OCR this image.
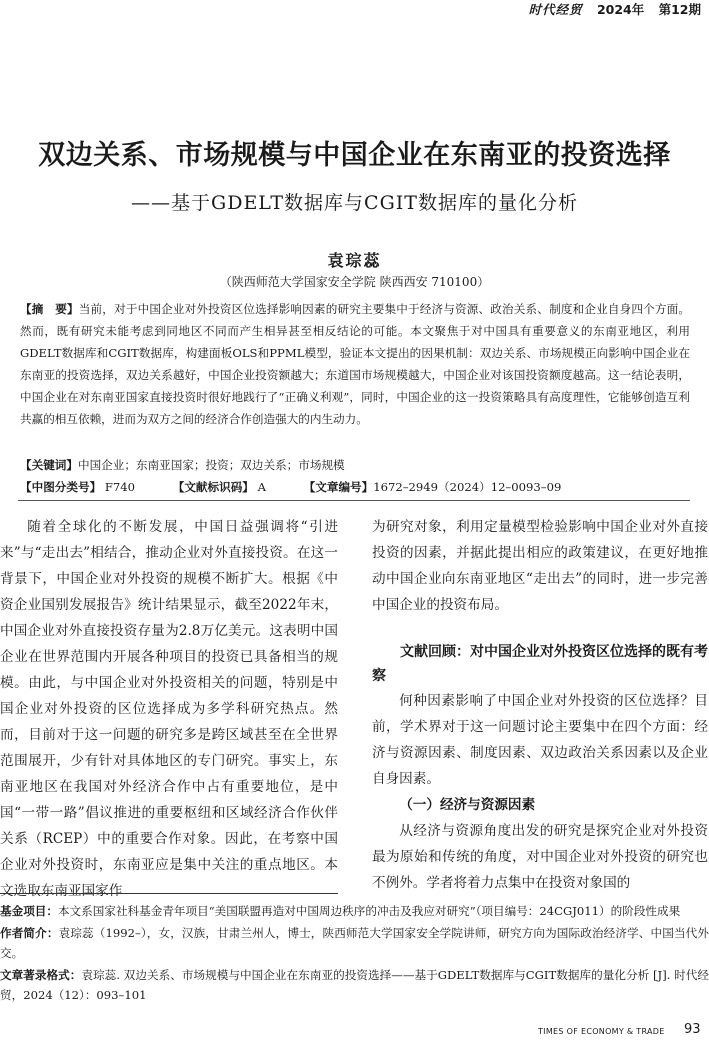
时代经贸 2024年 第12期
双边关系、市场规模与中国企业在东南亚的投资选择
——基于GDELT数据库与CGIT数据库的量化分析
袁琮蕊
（陕西师范大学国家安全学院 陕西西安 710100）
【摘　要】当前，对于中国企业对外投资区位选择影响因素的研究主要集中于经济与资源、政治关系、制度和企业自身四个方面。然而，既有研究未能考虑到同地区不同而产生相异甚至相反结论的可能。本文聚焦于对中国具有重要意义的东南亚地区，利用GDELT数据库和CGIT数据库，构建面板OLS和PPML模型，验证本文提出的因果机制：双边关系、市场规模正向影响中国企业在东南亚的投资选择，双边关系越好，中国企业投资额越大；东道国市场规模越大，中国企业对该国投资额度越高。这一结论表明，中国企业在对东南亚国家直接投资时很好地践行了“正确义利观”，同时，中国企业的这一投资策略具有高度理性，它能够创造互利共赢的相互依赖，进而为双方之间的经济合作创造强大的内生动力。
【关键词】中国企业；东南亚国家；投资；双边关系；市场规模
【中图分类号】 F740	【文献标识码】 A	【文章编号】1672–2949（2024）12–0093–09

随着全球化的不断发展，中国日益强调将“引进来”与“走出去”相结合，推动企业对外直接投资。在这一背景下，中国企业对外投资的规模不断扩大。根据《中资企业国别发展报告》统计结果显示，截至2022年末，中国企业对外直接投资存量为2.8万亿美元。这表明中国企业在世界范围内开展各种项目的投资已具备相当的规模。由此，与中国企业对外投资相关的问题，特别是中国企业对外投资的区位选择成为多学科研究热点。然而，目前对于这一问题的研究多是跨区域甚至在全世界范围展开，少有针对具体地区的专门研究。事实上，东南亚地区在我国对外经济合作中占有重要地位，是中国“一带一路”倡议推进的重要枢纽和区域经济合作伙伴关系（RCEP）中的重要合作对象。因此，在考察中国企业对外投资时，东南亚应是集中关注的重点地区。本文选取东南亚国家作

为研究对象，利用定量模型检验影响中国企业对外直接投资的因素，并据此提出相应的政策建议，在更好地推动中国企业向东南亚地区“走出去”的同时，进一步完善中国企业的投资布局。

文献回顾：对中国企业对外投资区位选择的既有考察

何种因素影响了中国企业对外投资的区位选择？目前，学术界对于这一问题讨论主要集中在四个方面：经济与资源因素、制度因素、双边政治关系因素以及企业自身因素。

（一）经济与资源因素

从经济与资源角度出发的研究是探究企业对外投资最为原始和传统的角度，对中国企业对外投资的研究也不例外。学者将着力点集中在投资对象国的

基金项目：本文系国家社科基金青年项目“美国联盟再造对中国周边秩序的冲击及我应对研究”（项目编号：24CGJ011）的阶段性成果

作者简介：袁琮蕊（1992–），女，汉族，甘肃兰州人，博士，陕西师范大学国家安全学院讲师，研究方向为国际政治经济学、中国当代外交。

文章著录格式：袁琮蕊. 双边关系、市场规模与中国企业在东南亚的投资选择——基于GDELT数据库与CGIT数据库的量化分析 [J]. 时代经贸，2024（12）：093–101

TIMES OF ECONOMY & TRADE 93
